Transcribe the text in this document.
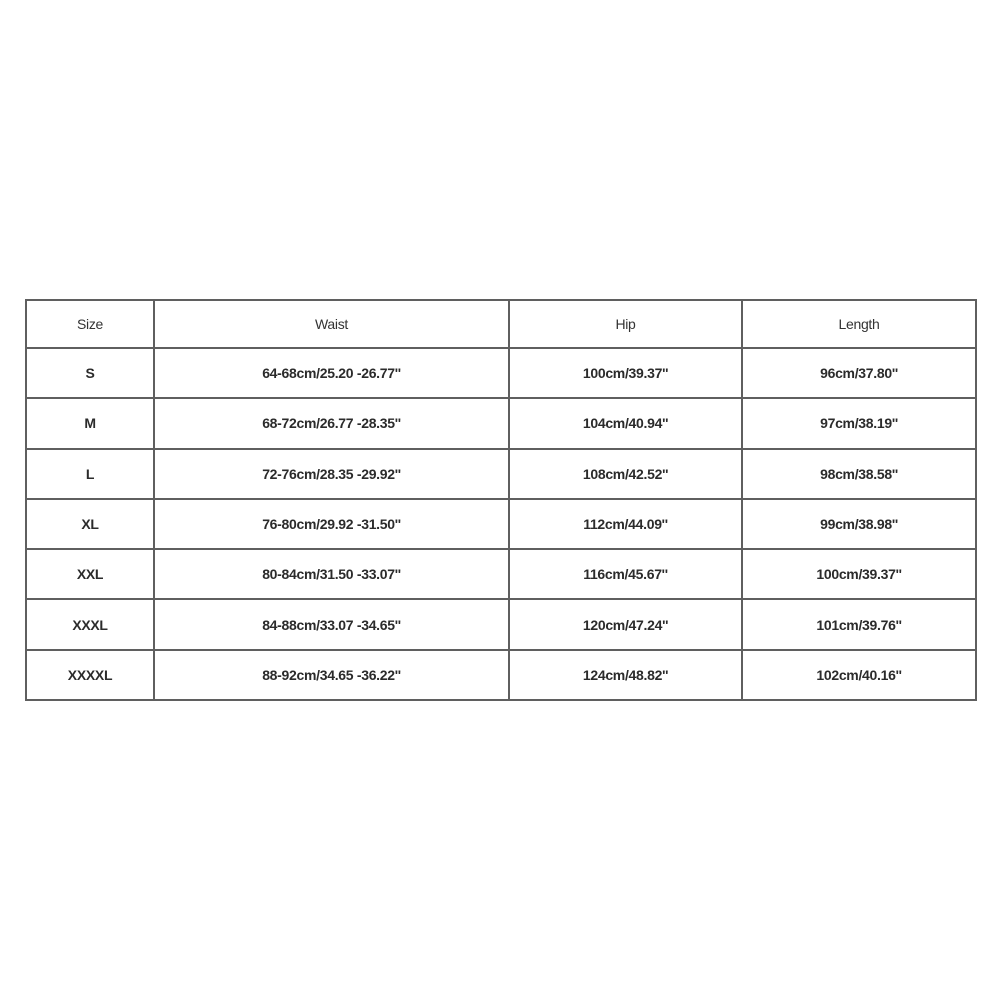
Size	Waist	Hip	Length
S	64-68cm/25.20 -26.77''	100cm/39.37''	96cm/37.80''
M	68-72cm/26.77 -28.35''	104cm/40.94''	97cm/38.19''
L	72-76cm/28.35 -29.92''	108cm/42.52''	98cm/38.58''
XL	76-80cm/29.92 -31.50''	112cm/44.09''	99cm/38.98''
XXL	80-84cm/31.50 -33.07''	116cm/45.67''	100cm/39.37''
XXXL	84-88cm/33.07 -34.65''	120cm/47.24''	101cm/39.76''
XXXXL	88-92cm/34.65 -36.22''	124cm/48.82''	102cm/40.16''
